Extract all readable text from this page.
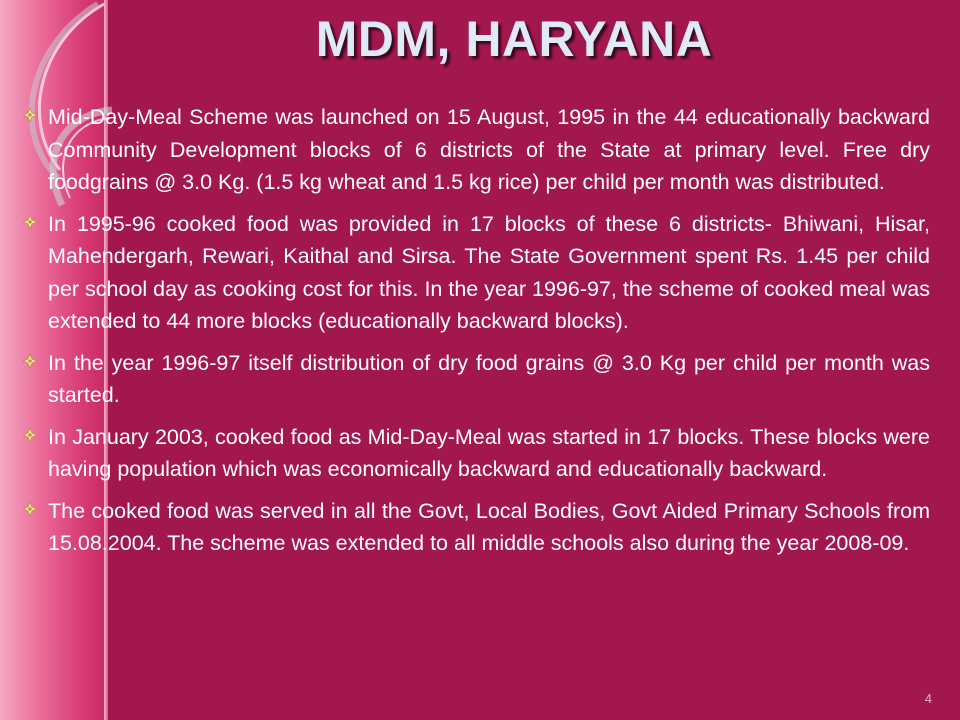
MDM, HARYANA
Mid-Day-Meal Scheme was launched on 15 August, 1995 in the 44 educationally backward Community Development blocks of 6 districts of the State at primary level. Free dry foodgrains @ 3.0 Kg. (1.5 kg wheat and 1.5 kg rice) per child per month was distributed.
In 1995-96 cooked food was provided in 17 blocks of these 6 districts- Bhiwani, Hisar, Mahendergarh, Rewari, Kaithal and Sirsa. The State Government spent Rs. 1.45 per child per school day as cooking cost for this. In the year 1996-97, the scheme of cooked meal was extended to 44 more blocks (educationally backward blocks).
In the year 1996-97 itself distribution of dry food grains @ 3.0 Kg per child per month was started.
In January 2003, cooked food as Mid-Day-Meal was started in 17 blocks. These blocks were having population which was economically backward and educationally backward.
The cooked food was served in all the Govt, Local Bodies, Govt Aided Primary Schools from 15.08.2004. The scheme was extended to all middle schools also during the year 2008-09.
4
